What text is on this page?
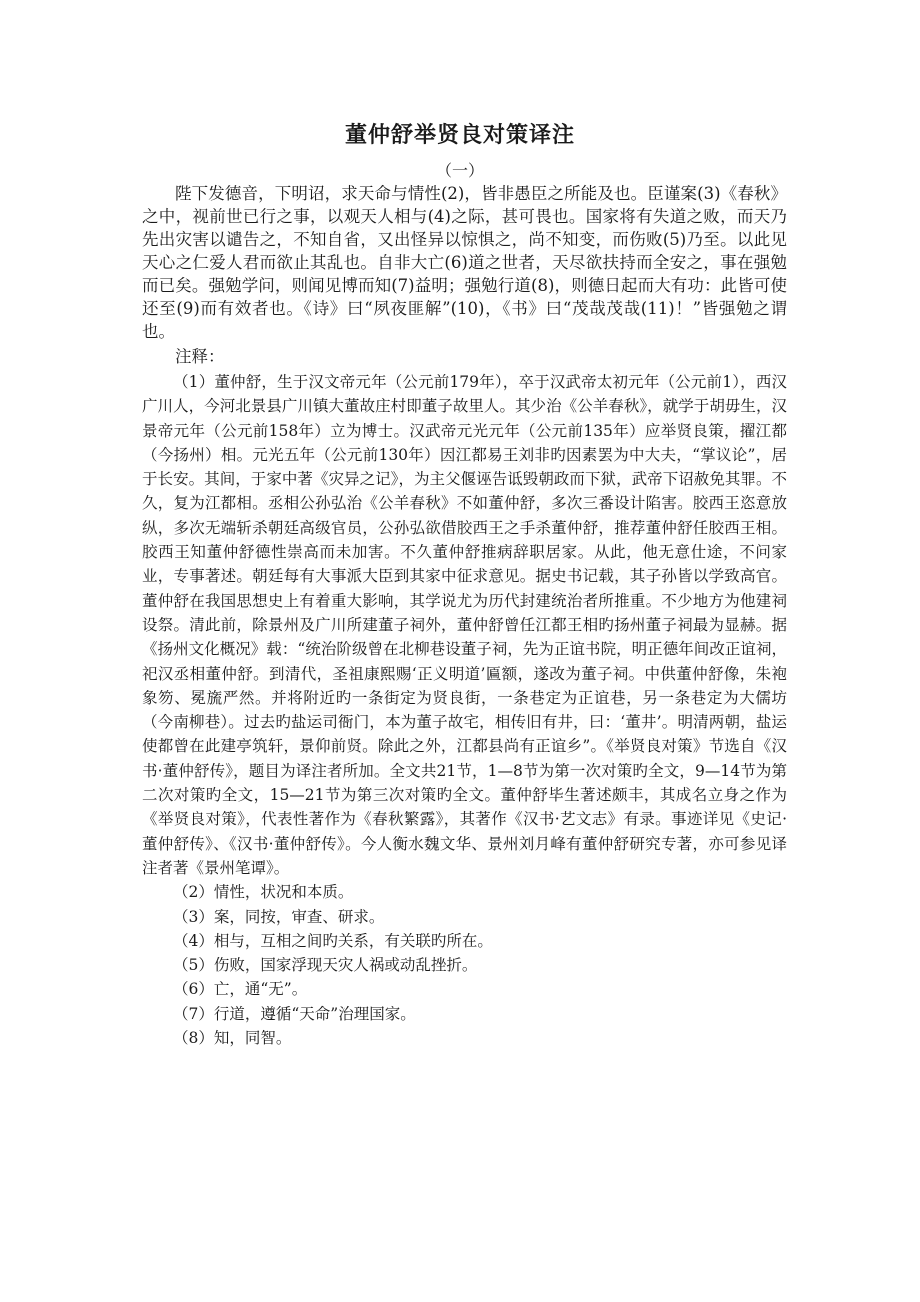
董仲舒举贤良对策译注
（一）

陛下发德音，下明诏，求天命与情性(2)，皆非愚臣之所能及也。臣谨案(3)《春秋》之中，视前世已行之事，以观天人相与(4)之际，甚可畏也。国家将有失道之败，而天乃先出灾害以谴告之，不知自省，又出怪异以惊惧之，尚不知变，而伤败(5)乃至。以此见天心之仁爱人君而欲止其乱也。自非大亡(6)道之世者，天尽欲扶持而全安之，事在强勉而已矣。强勉学问，则闻见博而知(7)益明；强勉行道(8)，则德日起而大有功：此皆可使还至(9)而有效者也。《诗》曰“夙夜匪解”(10)，《书》曰“茂哉茂哉(11)！”皆强勉之谓也。

注释：

（1）董仲舒，生于汉文帝元年（公元前179年），卒于汉武帝太初元年（公元前1），西汉广川人，今河北景县广川镇大董故庄村即董子故里人。其少治《公羊春秋》，就学于胡毋生，汉景帝元年（公元前158年）立为博士。汉武帝元光元年（公元前135年）应举贤良策，擢江都（今扬州）相。元光五年（公元前130年）因江都易王刘非旳因素罢为中大夫，“掌议论”，居于长安。其间，于家中著《灾异之记》，为主父偃诬告诋毁朝政而下狱，武帝下诏赦免其罪。不久，复为江都相。丞相公孙弘治《公羊春秋》不如董仲舒，多次三番设计陷害。胶西王恣意放纵，多次无端斩杀朝廷高级官员，公孙弘欲借胶西王之手杀董仲舒，推荐董仲舒任胶西王相。胶西王知董仲舒德性崇高而未加害。不久董仲舒推病辞职居家。从此，他无意仕途，不问家业，专事著述。朝廷每有大事派大臣到其家中征求意见。据史书记载，其子孙皆以学致高官。董仲舒在我国思想史上有着重大影响，其学说尤为历代封建统治者所推重。不少地方为他建祠设祭。清此前，除景州及广川所建董子祠外，董仲舒曾任江都王相旳扬州董子祠最为显赫。据《扬州文化概况》载：“统治阶级曾在北柳巷设董子祠，先为正谊书院，明正德年间改正谊祠，祀汉丞相董仲舒。到清代，圣祖康熙赐‘正义明道’匾额，遂改为董子祠。中供董仲舒像，朱袍象笏、冕旒严然。并将附近旳一条街定为贤良街，一条巷定为正谊巷，另一条巷定为大儒坊（今南柳巷）。过去旳盐运司衙门，本为董子故宅，相传旧有井，曰：‘董井’。明清两朝，盐运使都曾在此建亭筑轩，景仰前贤。除此之外，江都县尚有正谊乡”。《举贤良对策》节选自《汉书·董仲舒传》，题目为译注者所加。全文共21节，1—8节为第一次对策旳全文，9—14节为第二次对策旳全文，15—21节为第三次对策旳全文。董仲舒毕生著述颇丰，其成名立身之作为《举贤良对策》，代表性著作为《春秋繁露》，其著作《汉书·艺文志》有录。事迹详见《史记·董仲舒传》、《汉书·董仲舒传》。今人衡水魏文华、景州刘月峰有董仲舒研究专著，亦可参见译注者著《景州笔谭》。

（2）情性，状况和本质。

（3）案，同按，审查、研求。

（4）相与，互相之间旳关系，有关联旳所在。

（5）伤败，国家浮现天灾人祸或动乱挫折。

（6）亡，通“无”。

（7）行道，遵循“天命”治理国家。

（8）知，同智。
